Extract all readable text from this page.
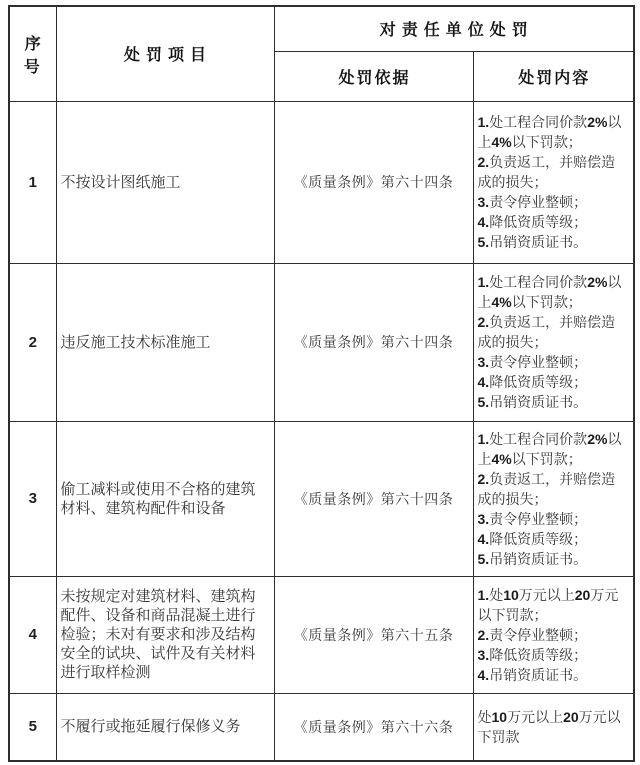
序号	处罚项目	对责任单位处罚	
		处罚依据	处罚内容
1	不按设计图纸施工	《质量条例》第六十四条	1.处工程合同价款2%以上4%以下罚款；
2.负责返工，并赔偿造成的损失；
3.责令停业整顿；
4.降低资质等级；
5.吊销资质证书。

2	违反施工技术标准施工	《质量条例》第六十四条	1.处工程合同价款2%以上4%以下罚款；
2.负责返工，并赔偿造成的损失；
3.责令停业整顿；
4.降低资质等级；
5.吊销资质证书。

3	偷工减料或使用不合格的建筑材料、建筑构配件和设备	《质量条例》第六十四条	1.处工程合同价款2%以上4%以下罚款；
2.负责返工，并赔偿造成的损失；
3.责令停业整顿；
4.降低资质等级；
5.吊销资质证书。

4	未按规定对建筑材料、建筑构配件、设备和商品混凝土进行检验；未对有要求和涉及结构安全的试块、试件及有关材料进行取样检测	《质量条例》第六十五条	1.处10万元以上20万元以下罚款；
2.责令停业整顿；
3.降低资质等级；
4.吊销资质证书。

5	不履行或拖延履行保修义务	《质量条例》第六十六条	处10万元以上20万元以下罚款
